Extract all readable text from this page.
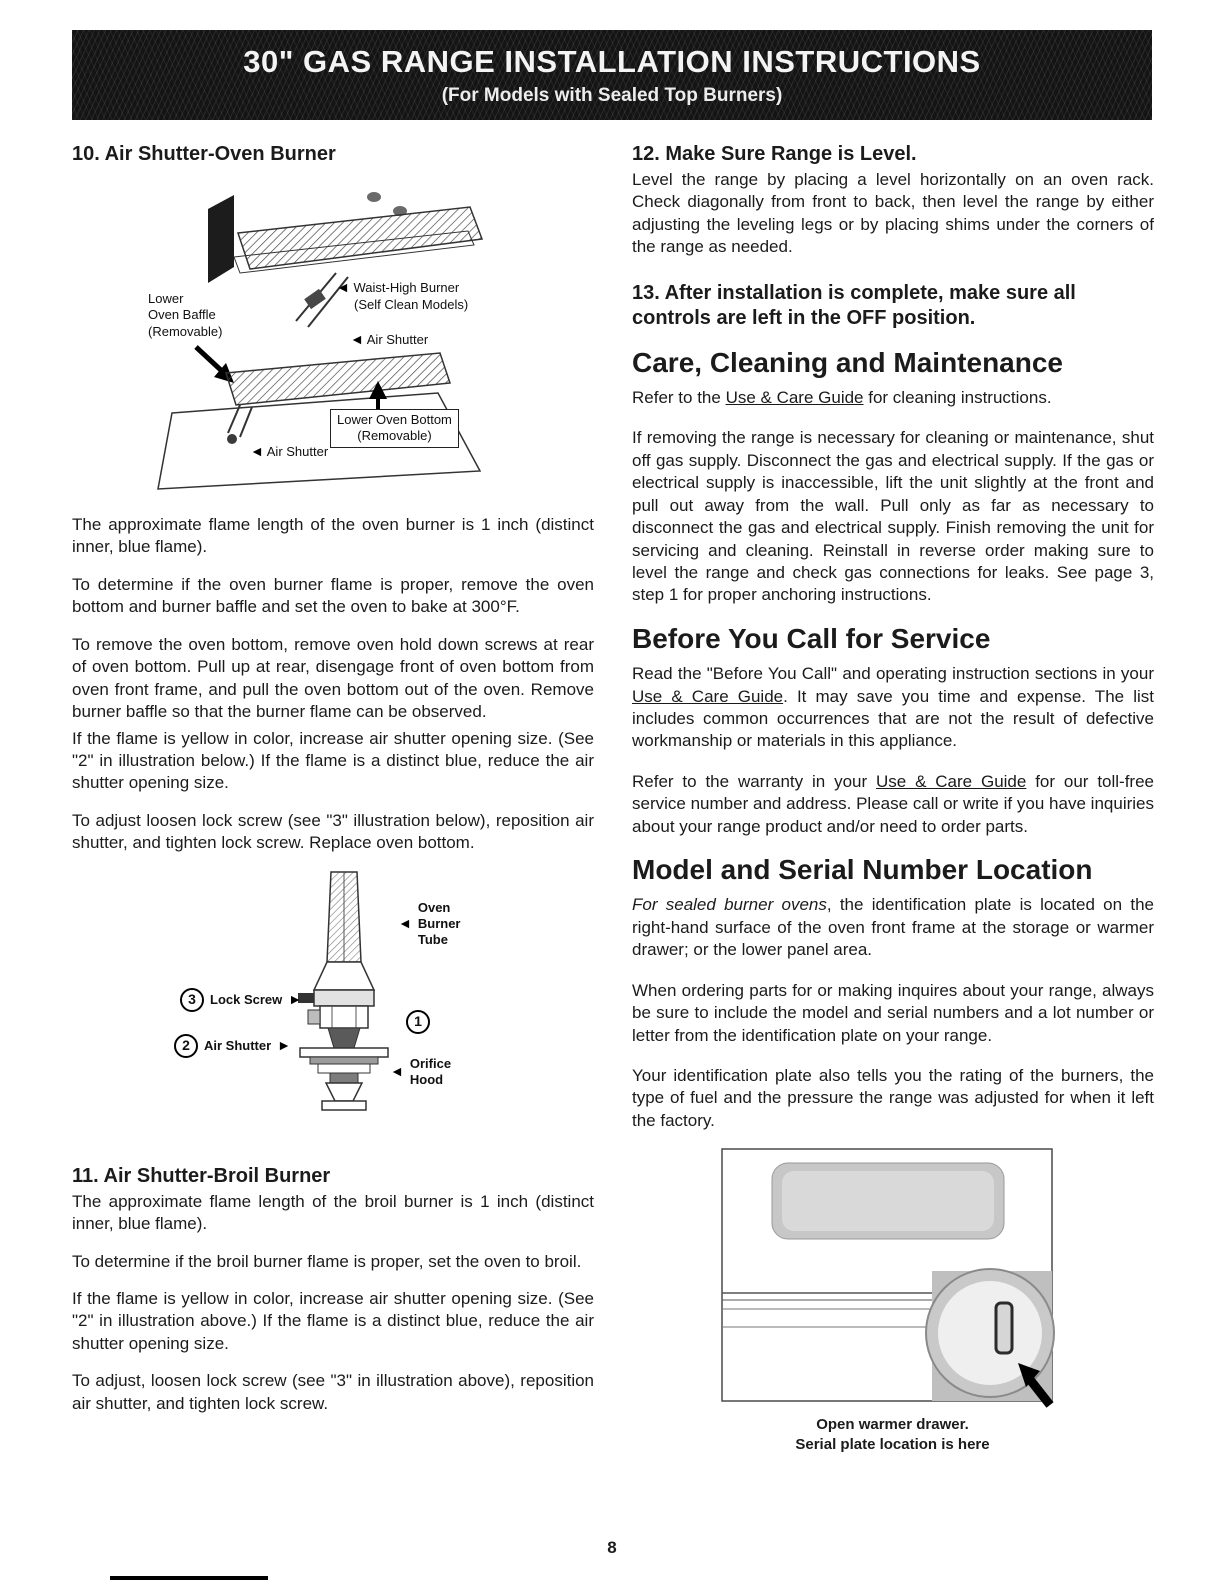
30" GAS RANGE INSTALLATION INSTRUCTIONS
(For Models with Sealed Top Burners)
10. Air Shutter-Oven Burner
◄ Waist-High Burner
(Self Clean Models)
Lower
Oven Baffle
(Removable)	◄ Air Shutter
Lower Oven Bottom
(Removable)
◄ Air Shutter

The approximate flame length of the oven burner is 1 inch (distinct inner, blue flame).

To determine if the oven burner flame is proper, remove the oven bottom and burner baffle and set the oven to bake at 300°F.

To remove the oven bottom, remove oven hold down screws at rear of oven bottom. Pull up at rear, disengage front of oven bottom from oven front frame, and pull the oven bottom out of the oven. Remove burner baffle so that the burner flame can be observed.

If the flame is yellow in color, increase air shutter opening size. (See "2" in illustration below.) If the flame is a distinct blue, reduce the air shutter opening size.

To adjust loosen lock screw (see "3" illustration below), reposition air shutter, and tighten lock screw. Replace oven bottom.

◄
Oven
Burner
Tube
3	Lock Screw ►
2	Air Shutter ►
1
◄ Orifice
Hood
11. Air Shutter-Broil Burner

The approximate flame length of the broil burner is 1 inch (distinct inner, blue flame).

To determine if the broil burner flame is proper, set the oven to broil.

If the flame is yellow in color, increase air shutter opening size. (See "2" in illustration above.) If the flame is a distinct blue, reduce the air shutter opening size.

To adjust, loosen lock screw (see "3" in illustration above), reposition air shutter, and tighten lock screw.

12. Make Sure Range is Level.

Level the range by placing a level horizontally on an oven rack. Check diagonally from front to back, then level the range by either adjusting the leveling legs or by placing shims under the corners of the range as needed.

13. After installation is complete, make sure all controls are left in the OFF position.
Care, Cleaning and Maintenance

Refer to the Use & Care Guide for cleaning instructions.

If removing the range is necessary for cleaning or maintenance, shut off gas supply. Disconnect the gas and electrical supply. If the gas or electrical supply is inaccessible, lift the unit slightly at the front and pull out away from the wall. Pull only as far as necessary to disconnect the gas and electrical supply. Finish removing the unit for servicing and cleaning. Reinstall in reverse order making sure to level the range and check gas connections for leaks. See page 3, step 1 for proper anchoring instructions.

Before You Call for Service

Read the "Before You Call" and operating instruction sections in your Use & Care Guide. It may save you time and expense. The list includes common occurrences that are not the result of defective workmanship or materials in this appliance.

Refer to the warranty in your Use & Care Guide for our toll-free service number and address. Please call or write if you have inquiries about your range product and/or need to order parts.

Model and Serial Number Location

For sealed burner ovens, the identification plate is located on the right-hand surface of the oven front frame at the storage or warmer drawer; or the lower panel area.

When ordering parts for or making inquires about your range, always be sure to include the model and serial numbers and a lot number or letter from the identification plate on your range.

Your identification plate also tells you the rating of the burners, the type of fuel and the pressure the range was adjusted for when it left the factory.

Open warmer drawer.
Serial plate location is here
8
